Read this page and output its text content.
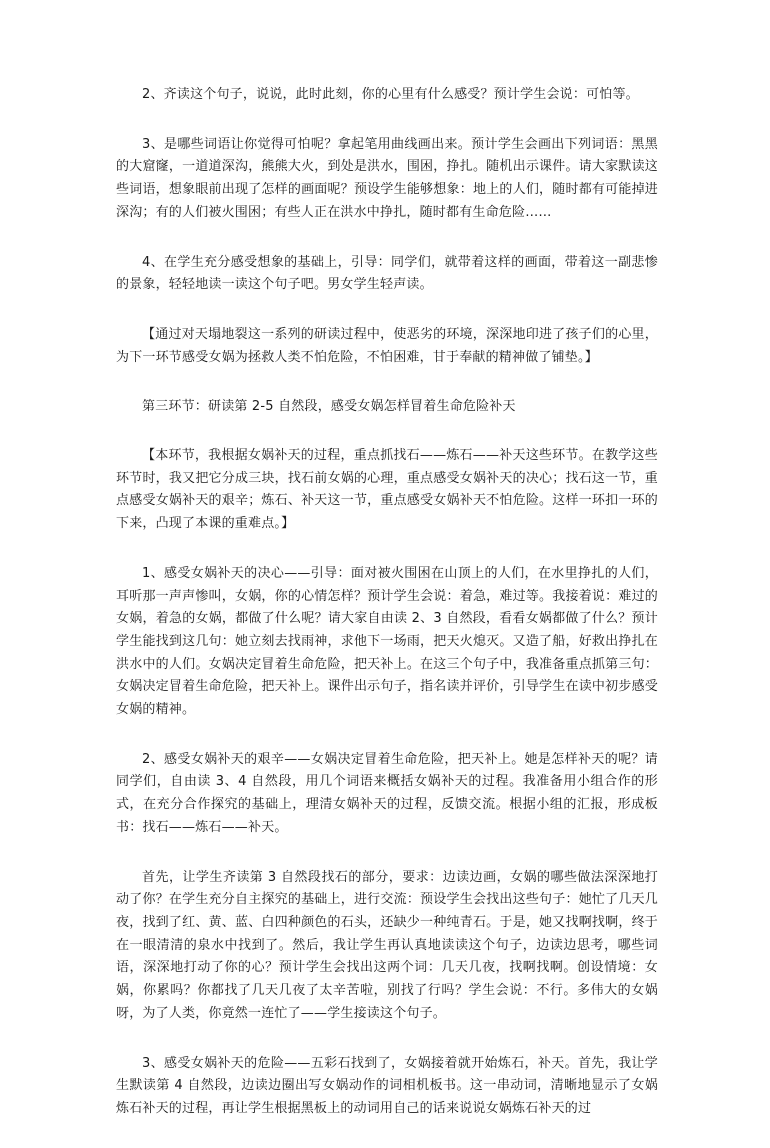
2、齐读这个句子，说说，此时此刻，你的心里有什么感受？预计学生会说：可怕等。

3、是哪些词语让你觉得可怕呢？拿起笔用曲线画出来。预计学生会画出下列词语：黑黑的大窟窿，一道道深沟，熊熊大火，到处是洪水，围困，挣扎。随机出示课件。请大家默读这些词语，想象眼前出现了怎样的画面呢？预设学生能够想象：地上的人们，随时都有可能掉进深沟；有的人们被火围困；有些人正在洪水中挣扎，随时都有生命危险……

4、在学生充分感受想象的基础上，引导：同学们，就带着这样的画面，带着这一副悲惨的景象，轻轻地读一读这个句子吧。男女学生轻声读。

【通过对天塌地裂这一系列的研读过程中，使恶劣的环境，深深地印进了孩子们的心里，为下一环节感受女娲为拯救人类不怕危险，不怕困难，甘于奉献的精神做了铺垫。】

第三环节：研读第 2-5 自然段，感受女娲怎样冒着生命危险补天

【本环节，我根据女娲补天的过程，重点抓找石——炼石——补天这些环节。在教学这些环节时，我又把它分成三块，找石前女娲的心理，重点感受女娲补天的决心；找石这一节，重点感受女娲补天的艰辛；炼石、补天这一节，重点感受女娲补天不怕危险。这样一环扣一环的下来，凸现了本课的重难点。】

1、感受女娲补天的决心——引导：面对被火围困在山顶上的人们，在水里挣扎的人们，耳听那一声声惨叫，女娲，你的心情怎样？预计学生会说：着急，难过等。我接着说：难过的女娲，着急的女娲，都做了什么呢？请大家自由读 2、3 自然段，看看女娲都做了什么？预计学生能找到这几句：她立刻去找雨神，求他下一场雨，把天火熄灭。又造了船，好救出挣扎在洪水中的人们。女娲决定冒着生命危险，把天补上。在这三个句子中，我准备重点抓第三句：女娲决定冒着生命危险，把天补上。课件出示句子，指名读并评价，引导学生在读中初步感受女娲的精神。

2、感受女娲补天的艰辛——女娲决定冒着生命危险，把天补上。她是怎样补天的呢？请同学们，自由读 3、4 自然段，用几个词语来概括女娲补天的过程。我准备用小组合作的形式，在充分合作探究的基础上，理清女娲补天的过程，反馈交流。根据小组的汇报，形成板书：找石——炼石——补天。

首先，让学生齐读第 3 自然段找石的部分，要求：边读边画，女娲的哪些做法深深地打动了你？在学生充分自主探究的基础上，进行交流：预设学生会找出这些句子：她忙了几天几夜，找到了红、黄、蓝、白四种颜色的石头，还缺少一种纯青石。于是，她又找啊找啊，终于在一眼清清的泉水中找到了。然后，我让学生再认真地读读这个句子，边读边思考，哪些词语，深深地打动了你的心？预计学生会找出这两个词：几天几夜，找啊找啊。创设情境：女娲，你累吗？你都找了几天几夜了太辛苦啦，别找了行吗？学生会说：不行。多伟大的女娲呀，为了人类，你竟然一连忙了——学生接读这个句子。

3、感受女娲补天的危险——五彩石找到了，女娲接着就开始炼石，补天。首先，我让学生默读第 4 自然段，边读边圈出写女娲动作的词相机板书。这一串动词，清晰地显示了女娲炼石补天的过程，再让学生根据黑板上的动词用自己的话来说说女娲炼石补天的过
